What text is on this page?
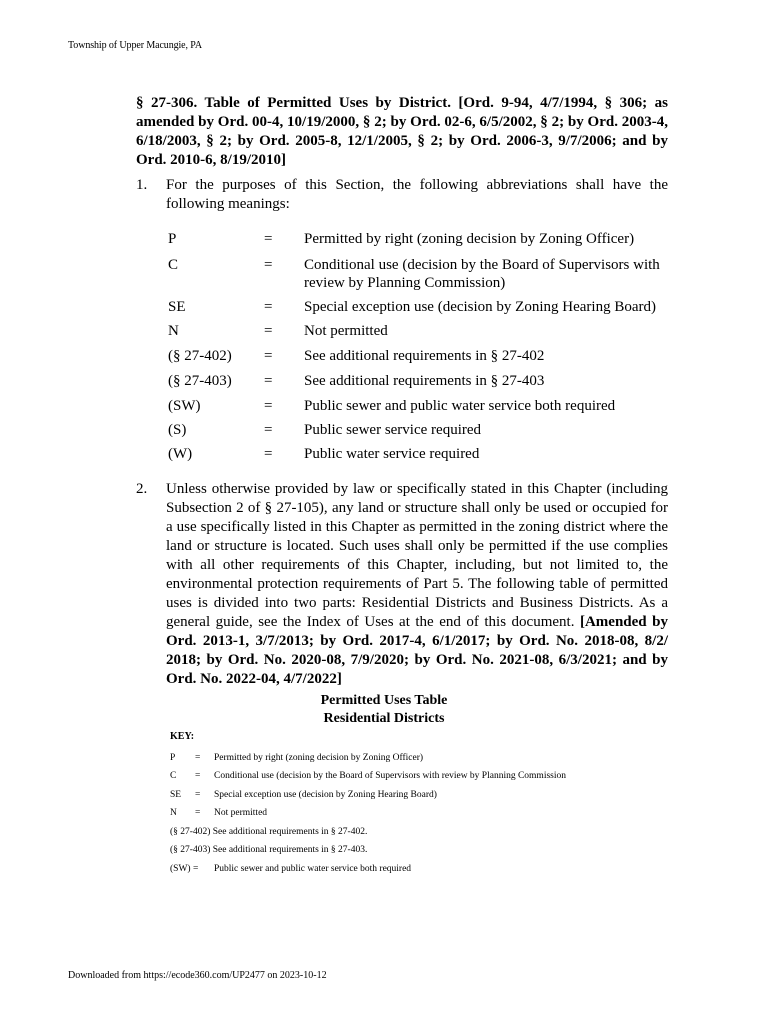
Township of Upper Macungie, PA
§ 27-306. Table of Permitted Uses by District. [Ord. 9-94, 4/7/1994, § 306; as amended by Ord. 00-4, 10/19/2000, § 2; by Ord. 02-6, 6/5/2002, § 2; by Ord. 2003-4, 6/18/2003, § 2; by Ord. 2005-8, 12/1/2005, § 2; by Ord. 2006-3, 9/7/2006; and by Ord. 2010-6, 8/19/2010]
1. For the purposes of this Section, the following abbreviations shall have the following meanings:
P	= Permitted by right (zoning decision by Zoning Officer)
C	= Conditional use (decision by the Board of Supervisors with review by Planning Commission)
SE	= Special exception use (decision by Zoning Hearing Board)
N	= Not permitted
(§ 27-402) = See additional requirements in § 27-402
(§ 27-403) = See additional requirements in § 27-403
(SW)	= Public sewer and public water service both required
(S)	= Public sewer service required
(W)	= Public water service required
2. Unless otherwise provided by law or specifically stated in this Chapter (including Subsection 2 of § 27-105), any land or structure shall only be used or occupied for a use specifically listed in this Chapter as permitted in the zoning district where the land or structure is located. Such uses shall only be permitted if the use complies with all other requirements of this Chapter, including, but not limited to, the environmental protection requirements of Part 5. The following table of permitted uses is divided into two parts: Residential Districts and Business Districts. As a general guide, see the Index of Uses at the end of this document. [Amended by Ord. 2013-1, 3/7/2013; by Ord. 2017-4, 6/1/2017; by Ord. No. 2018-08, 8/2/ 2018; by Ord. No. 2020-08, 7/9/2020; by Ord. No. 2021-08, 6/3/2021; and by Ord. No. 2022-04, 4/7/2022]
Permitted Uses Table
Residential Districts
KEY:
P = Permitted by right (zoning decision by Zoning Officer)
C = Conditional use (decision by the Board of Supervisors with review by Planning Commission
SE = Special exception use (decision by Zoning Hearing Board)
N = Not permitted
(§ 27-402) See additional requirements in § 27-402.
(§ 27-403) See additional requirements in § 27-403.
(SW) = Public sewer and public water service both required
Downloaded from https://ecode360.com/UP2477 on 2023-10-12
